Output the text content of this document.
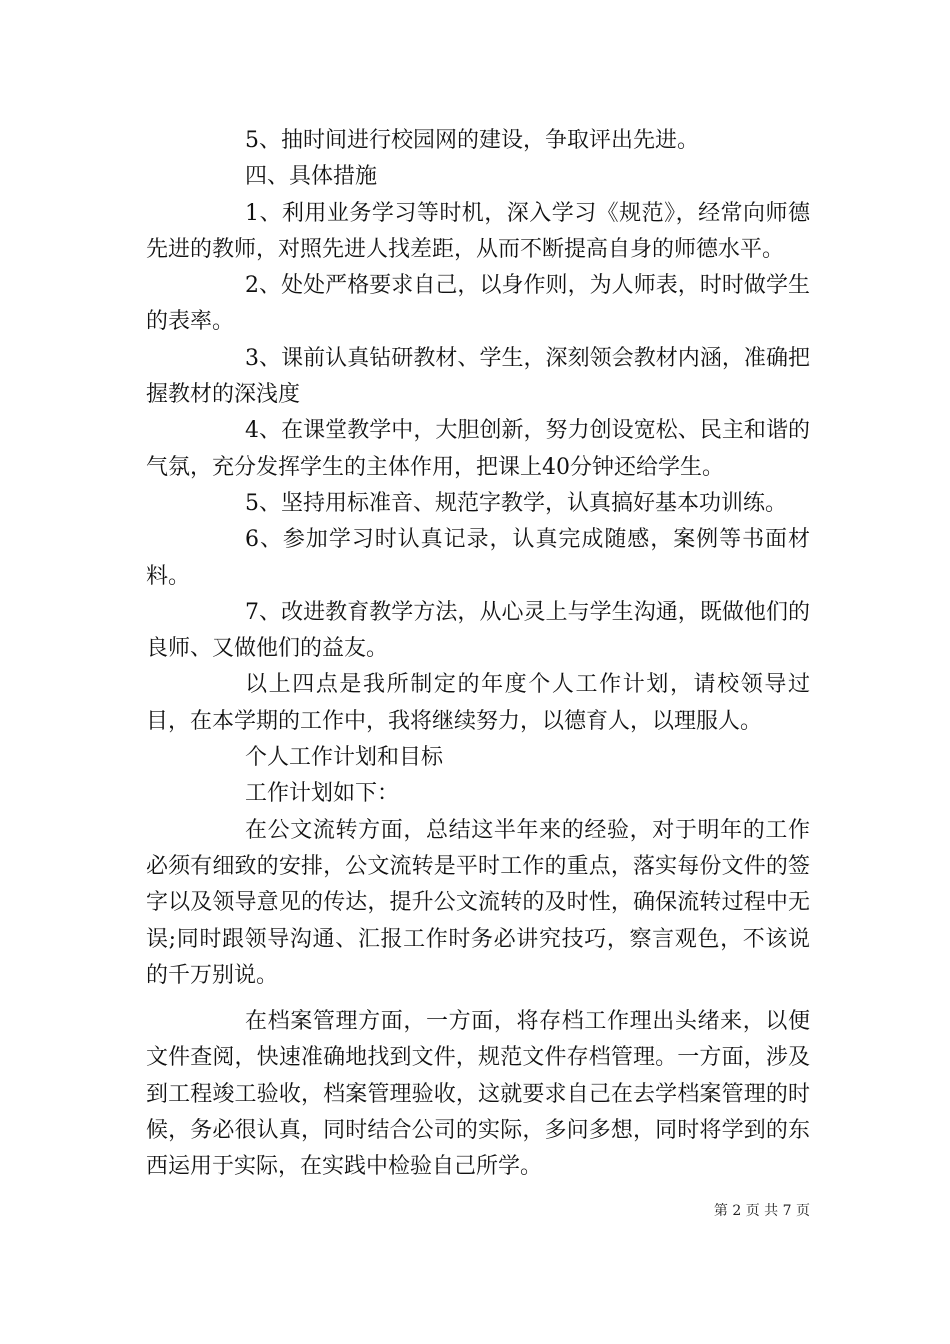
5、抽时间进行校园网的建设，争取评出先进。

四、具体措施

1、利用业务学习等时机，深入学习《规范》，经常向师德先进的教师，对照先进人找差距，从而不断提高自身的师德水平。

2、处处严格要求自己，以身作则，为人师表，时时做学生的表率。

3、课前认真钻研教材、学生，深刻领会教材内涵，准确把握教材的深浅度

4、在课堂教学中，大胆创新，努力创设宽松、民主和谐的气氛，充分发挥学生的主体作用，把课上40分钟还给学生。

5、坚持用标准音、规范字教学，认真搞好基本功训练。

6、参加学习时认真记录，认真完成随感，案例等书面材料。

7、改进教育教学方法，从心灵上与学生沟通，既做他们的良师、又做他们的益友。

以上四点是我所制定的年度个人工作计划，请校领导过目，在本学期的工作中，我将继续努力，以德育人，以理服人。

个人工作计划和目标

工作计划如下：

在公文流转方面，总结这半年来的经验，对于明年的工作必须有细致的安排，公文流转是平时工作的重点，落实每份文件的签字以及领导意见的传达，提升公文流转的及时性，确保流转过程中无误;同时跟领导沟通、汇报工作时务必讲究技巧，察言观色，不该说的千万别说。

在档案管理方面，一方面，将存档工作理出头绪来，以便文件查阅，快速准确地找到文件，规范文件存档管理。一方面，涉及到工程竣工验收，档案管理验收，这就要求自己在去学档案管理的时候，务必很认真，同时结合公司的实际，多问多想，同时将学到的东西运用于实际，在实践中检验自己所学。

第 2 页 共 7 页
